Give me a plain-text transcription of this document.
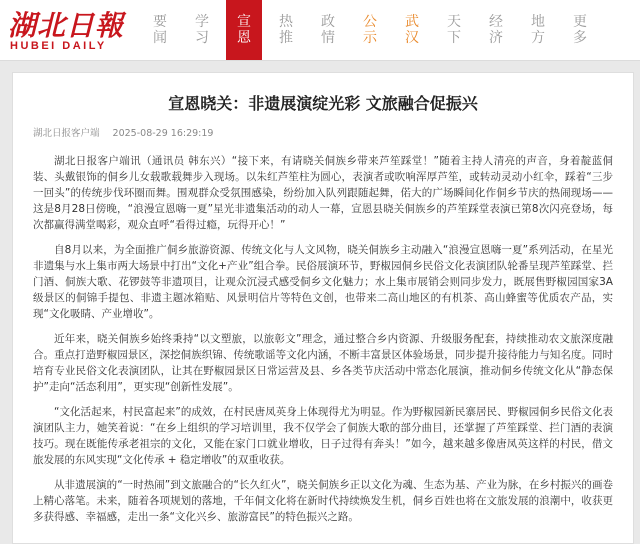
湖北日報
HUBEI DAILY
要
闻
学
习
宣
恩
热
推
政
情
公
示
武
汉
天
下
经
济
地
方
更
多
宣恩晓关：非遗展演绽光彩 文旅融合促振兴
湖北日报客户端 2025-08-29 16:29:19

湖北日报客户端讯（通讯员 韩东兴）“接下来，有请晓关侗族乡带来芦笙踩堂！”随着主持人清亮的声音，身着靛蓝侗装、头戴银饰的侗乡儿女载歌载舞步入现场。以朱红芦笙柱为圆心，表演者或吹响浑厚芦笙，或转动灵动小红伞，踩着“三步一回头”的传统步伐环圈而舞。围观群众受氛围感染，纷纷加入队列跟随起舞，偌大的广场瞬间化作侗乡节庆的热闹现场——这是8月28日傍晚，“浪漫宣恩嗨一夏”星光非遗集活动的动人一幕，宣恩县晓关侗族乡的芦笙踩堂表演已第8次闪亮登场，每次都赢得满堂喝彩，观众直呼“看得过瘾，玩得开心！”

自8月以来，为全面推广侗乡旅游资源、传统文化与人文风物，晓关侗族乡主动融入“浪漫宣恩嗨一夏”系列活动，在星光非遗集与水上集市两大场景中打出“文化+产业”组合拳。民俗展演环节，野椒园侗乡民俗文化表演团队轮番呈现芦笙踩堂、拦门酒、侗族大歌、花锣鼓等非遗项目，让观众沉浸式感受侗乡文化魅力；水上集市展销会则同步发力，既展售野椒园国家3A级景区的侗锦手提包、非遗主题冰箱贴、风景明信片等特色文创，也带来二高山地区的有机茶、高山蜂蜜等优质农产品，实现“文化吸睛、产业增收”。

近年来，晓关侗族乡始终秉持“以文塑旅，以旅彰文”理念，通过整合乡内资源、升级服务配套，持续推动农文旅深度融合。重点打造野椒园景区，深挖侗族织锦、传统歌谣等文化内涵，不断丰富景区体验场景，同步提升接待能力与知名度。同时培育专业民俗文化表演团队，让其在野椒园景区日常运营及县、乡各类节庆活动中常态化展演，推动侗乡传统文化从“静态保护”走向“活态利用”，更实现“创新性发展”。

“文化活起来，村民富起来”的成效，在村民唐凤英身上体现得尤为明显。作为野椒园新民寨居民、野椒园侗乡民俗文化表演团队主力，她笑着说：“在乡上组织的学习培训里，我不仅学会了侗族大歌的部分曲目，还掌握了芦笙踩堂、拦门酒的表演技巧。现在既能传承老祖宗的文化，又能在家门口就业增收，日子过得有奔头！”如今，越来越多像唐凤英这样的村民，借文旅发展的东风实现“文化传承 + 稳定增收”的双重收获。

从非遗展演的“一时热闹”到文旅融合的“长久红火”，晓关侗族乡正以文化为魂、生态为基、产业为脉，在乡村振兴的画卷上精心落笔。未来，随着各项规划的落地，千年侗文化将在新时代持续焕发生机，侗乡百姓也将在文旅发展的浪潮中，收获更多获得感、幸福感，走出一条“文化兴乡、旅游富民”的特色振兴之路。
